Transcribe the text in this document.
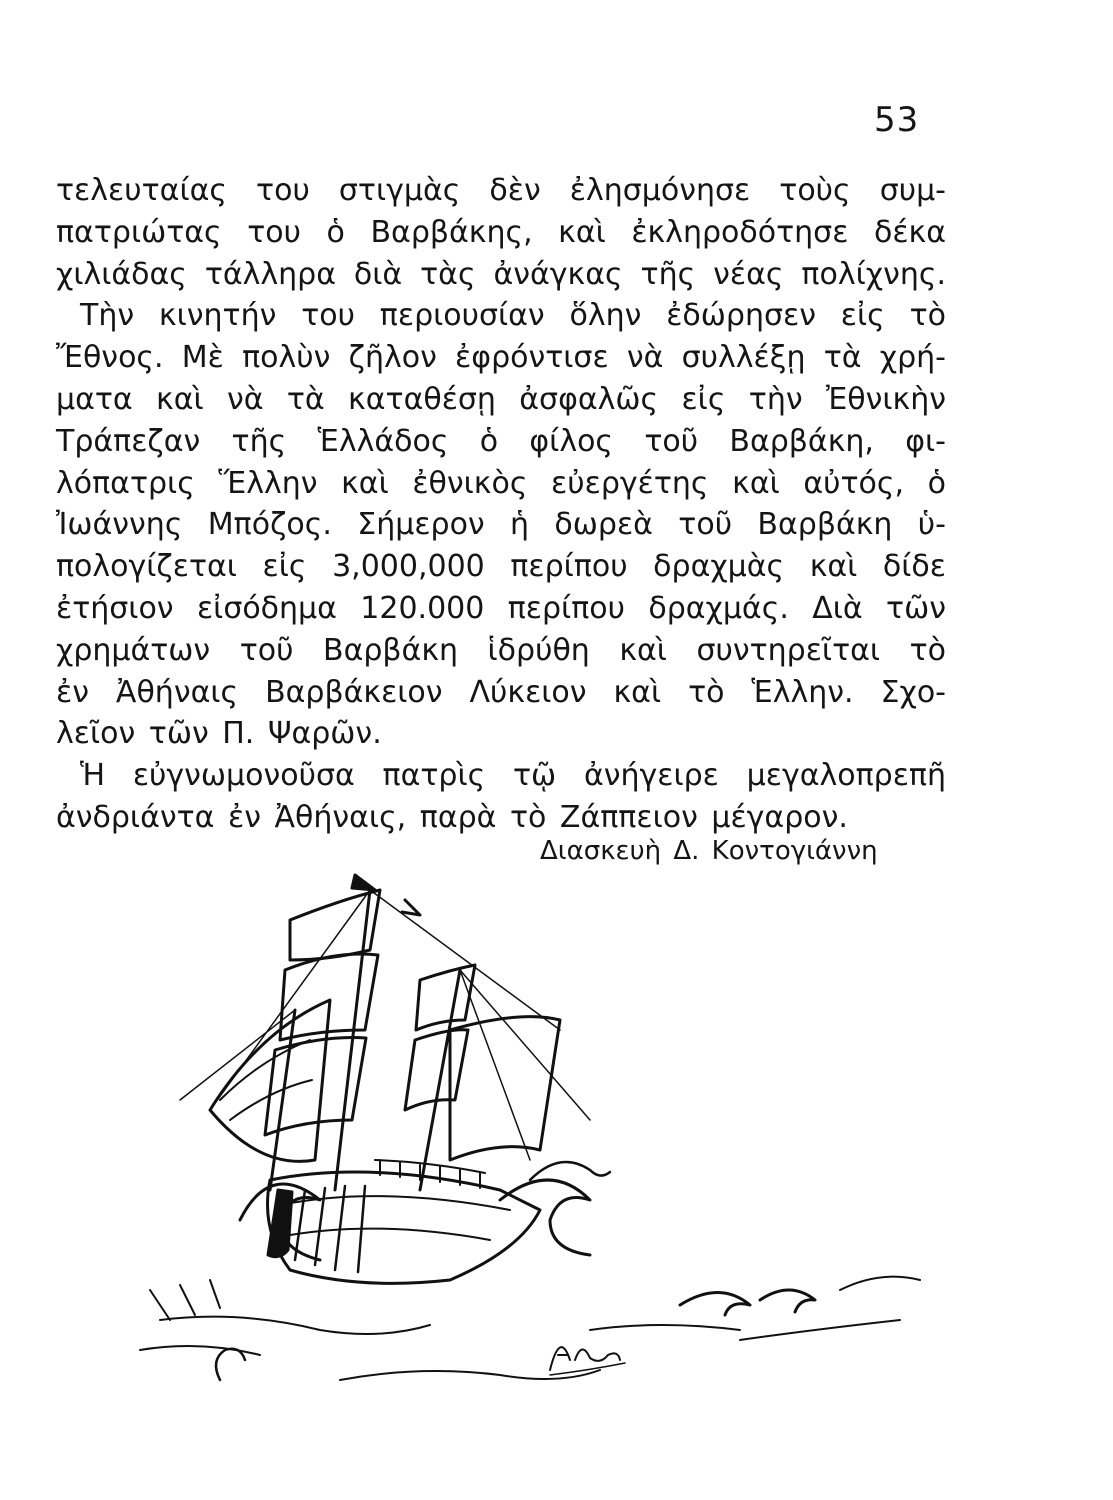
53
τελευταίας του στιγμὰς δὲν ἐλησμόνησε τοὺς συμ-
πατριώτας του ὁ Βαρβάκης, καὶ ἐκληροδότησε δέκα
χιλιάδας τάλληρα διὰ τὰς ἀνάγκας τῆς νέας πολίχνης.
Τὴν κινητήν του περιουσίαν ὅλην ἐδώρησεν εἰς τὸ
Ἔθνος. Μὲ πολὺν ζῆλον ἐφρόντισε νὰ συλλέξῃ τὰ χρή-
ματα καὶ νὰ τὰ καταθέσῃ ἀσφαλῶς εἰς τὴν Ἐθνικὴν
Τράπεζαν τῆς Ἑλλάδος ὁ φίλος τοῦ Βαρβάκη, φι-
λόπατρις Ἕλλην καὶ ἐθνικὸς εὐεργέτης καὶ αὐτός, ὁ
Ἰωάννης Μπόζος. Σήμερον ἡ δωρεὰ τοῦ Βαρβάκη ὑ-
πολογίζεται εἰς 3,000,000 περίπου δραχμὰς καὶ δίδε
ἐτήσιον εἰσόδημα 120.000 περίπου δραχμάς. Διὰ τῶν
χρημάτων τοῦ Βαρβάκη ἱδρύθη καὶ συντηρεῖται τὸ
ἐν Ἀθήναις Βαρβάκειον Λύκειον καὶ τὸ Ἑλλην. Σχο-
λεῖον τῶν Π. Ψαρῶν.
Ἡ εὐγνωμονοῦσα πατρὶς τῷ ἀνήγειρε μεγαλοπρεπῆ
ἀνδριάντα ἐν Ἀθήναις, παρὰ τὸ Ζάππειον μέγαρον.
Διασκευὴ Δ. Κοντογιάννη
